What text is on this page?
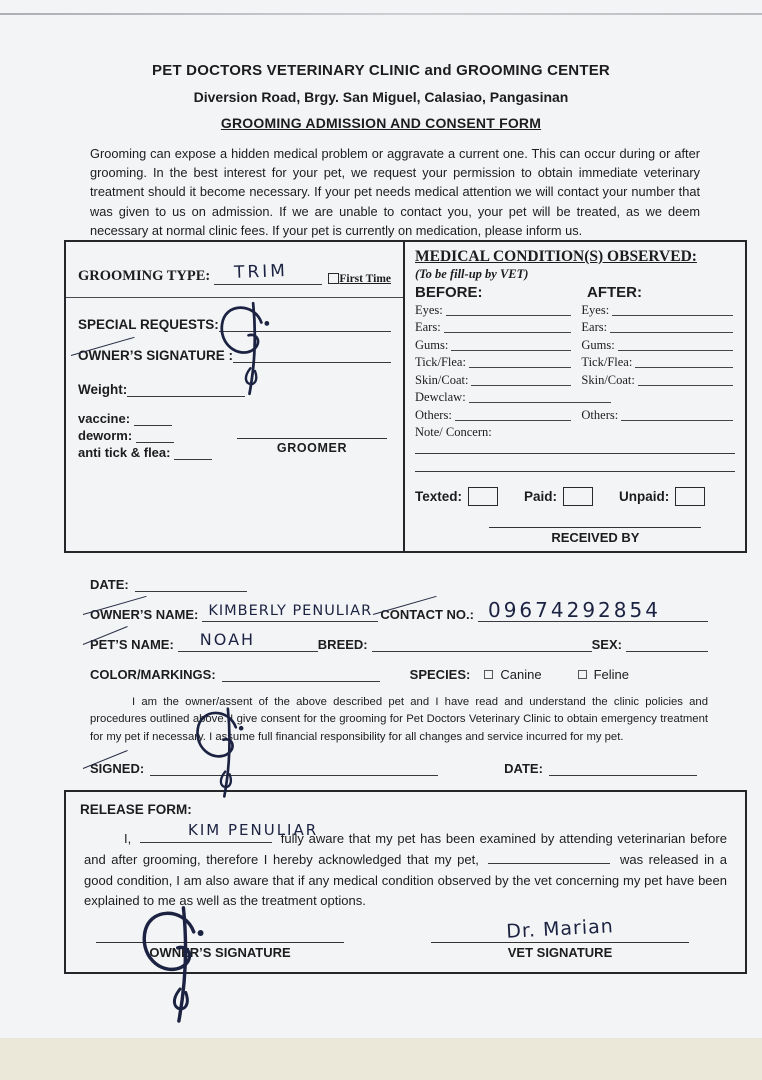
PET DOCTORS VETERINARY CLINIC and GROOMING CENTER
Diversion Road, Brgy. San Miguel, Calasiao, Pangasinan
GROOMING ADMISSION AND CONSENT FORM

Grooming can expose a hidden medical problem or aggravate a current one. This can occur during or after grooming. In the best interest for your pet, we request your permission to obtain immediate veterinary treatment should it become necessary. If your pet needs medical attention we will contact your number that was given to us on admission. If we are unable to contact you, your pet will be treated, as we deem necessary at normal clinic fees. If your pet is currently on medication, please inform us.

GROOMING TYPE: TRIM	First Time
SPECIAL REQUESTS:
OWNER’S SIGNATURE :
Weight:
vaccine:
deworm:
anti tick & flea:	GROOMER
MEDICAL CONDITION(S) OBSERVED:
(To be fill-up by VET)
BEFORE:	AFTER:
Eyes:	Eyes:
Ears:	Ears:
Gums:	Gums:
Tick/Flea:	Tick/Flea:
Skin/Coat:	Skin/Coat:
Dewclaw:
Others:	Others:
Note/ Concern:
Texted:	Paid:	Unpaid:
RECEIVED BY
DATE:
OWNER’S NAME: KIMBERLY PENULIAR CONTACT NO.: 09674292854
PET’S NAME: NOAH	BREED:	SEX:
COLOR/MARKINGS:	SPECIES: Canine	Feline

I am the owner/assent of the above described pet and I have read and understand the clinic policies and procedures outlined above. I give consent for the grooming for Pet Doctors Veterinary Clinic to obtain emergency treatment for my pet if necessary. I assume full financial responsibility for all changes and service incurred for my pet.

SIGNED:	DATE:
RELEASE FORM:

I,
KIM PENULIAR
fully aware that my pet has been examined by attending veterinarian before and after grooming, therefore I hereby acknowledged that my pet,	was released in a good condition, I am also aware that if any medical condition observed by the vet concerning my pet have been explained to me as well as the treatment options.

OWNER’S SIGNATURE
Dr. Marian
VET SIGNATURE
